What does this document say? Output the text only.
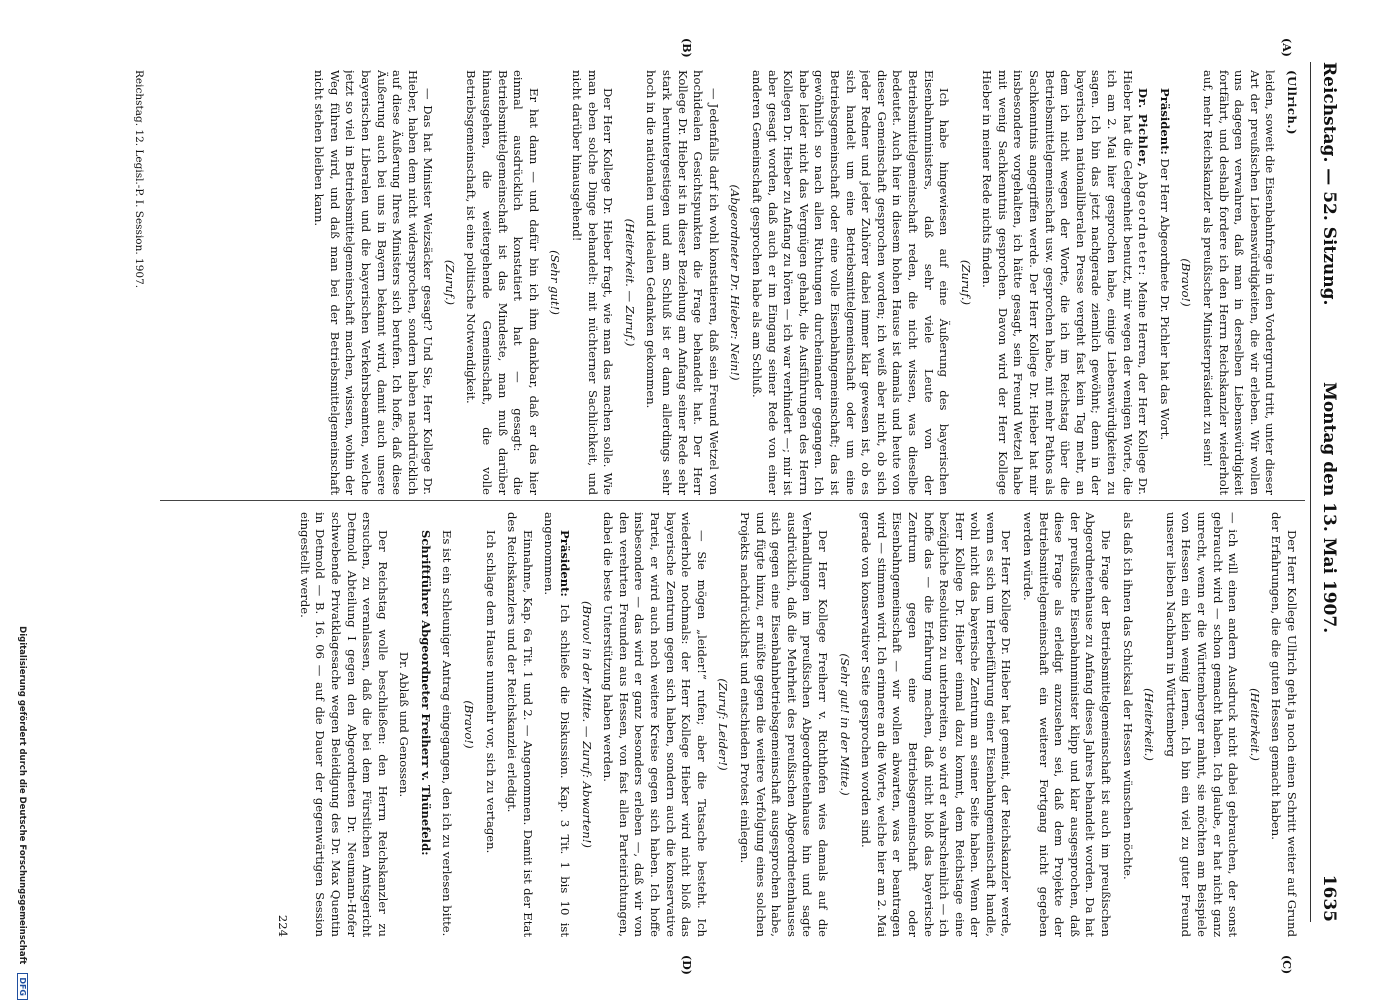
Reichstag. — 52. Sitzung.
Montag den 13. Mai 1907.
1635
(A)
(B)
(C)
(D)

(Ullrich.)

leiden, soweit die Eisenbahnfrage in den Vordergrund tritt, unter dieser Art der preußischen Liebenswürdigkeiten, die wir erleben. Wir wollen uns dagegen verwahren, daß man in derselben Liebenswürdigkeit fortfährt, und deshalb fordere ich den Herrn Reichskanzler wiederholt auf, mehr Reichskanzler als preußischer Ministerpräsident zu sein!

(Bravo!)

Präsident: Der Herr Abgeordnete Dr. Pichler hat das Wort.

Dr. Pichler, Abgeordneter: Meine Herren, der Herr Kollege Dr. Hieber hat die Gelegenheit benutzt, mir wegen der wenigen Worte, die ich am 2. Mai hier gesprochen habe, einige Liebenswürdigkeiten zu sagen. Ich bin das jetzt nachgerade ziemlich gewöhnt; denn in der bayerischen nationalliberalen Presse vergeht fast kein Tag mehr, an dem ich nicht wegen der Worte, die ich im Reichstag über die Betriebsmittelgemeinschaft usw. gesprochen habe, mit mehr Pathos als Sachkenntnis angegriffen werde. Der Herr Kollege Dr. Hieber hat mir insbesondere vorgehalten, ich hätte gesagt, sein Freund Wetzel habe mit wenig Sachkenntnis gesprochen. Davon wird der Herr Kollege Hieber in meiner Rede nichts finden.

(Zuruf.)

Ich habe hingewiesen auf eine Äußerung des bayerischen Eisenbahnministers, daß sehr viele Leute von der Betriebsmittelgemeinschaft reden, die nicht wissen, was dieselbe bedeutet. Auch hier in diesem hohen Hause ist damals und heute von dieser Gemeinschaft gesprochen worden; ich weiß aber nicht, ob sich jeder Redner und jeder Zuhörer dabei immer klar gewesen ist, ob es sich handelt um eine Betriebsmittelgemeinschaft oder um eine Betriebsgemeinschaft oder eine volle Eisenbahngemeinschaft; das ist gewöhnlich so nach allen Richtungen durcheinander gegangen. Ich habe leider nicht das Vergnügen gehabt, die Ausführungen des Herrn Kollegen Dr. Hieber zu Anfang zu hören — ich war verhindert —; mir ist aber gesagt worden, daß auch er im Eingang seiner Rede von einer anderen Gemeinschaft gesprochen habe als am Schluß.

(Abgeordneter Dr. Hieber: Nein!)

— Jedenfalls darf ich wohl konstatieren, daß sein Freund Wetzel von hochidealen Gesichtspunkten die Frage behandelt hat. Der Herr Kollege Dr. Hieber ist in dieser Beziehung am Anfang seiner Rede sehr stark heruntergestiegen und am Schluß ist er dann allerdings sehr hoch in die nationalen und idealen Gedanken gekommen.

(Heiterkeit. — Zuruf.)

Der Herr Kollege Dr. Hieber fragt, wie man das machen solle. Wie man eben solche Dinge behandelt: mit nüchterner Sachlichkeit, und nicht darüber hinausgehend!

(Sehr gut!)

Er hat dann — und dafür bin ich ihm dankbar, daß er das hier einmal ausdrücklich konstatiert hat — gesagt: die Betriebsmittelgemeinschaft ist das Mindeste, man muß darüber hinausgehen, die weitergehende Gemeinschaft, die volle Betriebsgemeinschaft, ist eine politische Notwendigkeit.

(Zuruf.)

— Das hat Minister Weizsäcker gesagt? Und Sie, Herr Kollege Dr. Hieber, haben dem nicht widersprochen, sondern haben nachdrücklich auf diese Äußerung Ihres Ministers sich berufen. Ich hoffe, daß diese Äußerung auch bei uns in Bayern bekannt wird, damit auch unsere bayerischen Liberalen und die bayerischen Verkehrsbeamten, welche jetzt so viel in Betriebsmittelgemeinschaft machen, wissen, wohin der Weg führen wird, und daß man bei der Betriebsmittelgemeinschaft nicht stehen bleiben kann.

Der Herr Kollege Ullrich geht ja noch einen Schritt weiter auf Grund der Erfahrungen, die die guten Hessen gemacht haben.

(Heiterkeit.)

— ich will einen andern Ausdruck nicht dabei gebrauchen, der sonst gebraucht wird — schon gemacht haben. Ich glaube, er hat nicht ganz unrecht, wenn er die Württemberger mahnt, sie möchten am Beispiele von Hessen ein klein wenig lernen. Ich bin ein viel zu guter Freund unserer lieben Nachbarn in Württemberg

(Heiterkeit.)

als daß ich ihnen das Schicksal der Hessen wünschen möchte.

Die Frage der Betriebsmittelgemeinschaft ist auch im preußischen Abgeordnetenhause zu Anfang dieses Jahres behandelt worden. Da hat der preußische Eisenbahnminister klipp und klar ausgesprochen, daß diese Frage als erledigt anzusehen sei, daß dem Projekte der Betriebsmittelgemeinschaft ein weiterer Fortgang nicht gegeben werden würde.

Der Herr Kollege Dr. Hieber hat gemeint, der Reichskanzler werde, wenn es sich um Herbeiführung einer Eisenbahngemeinschaft handle, wohl nicht das bayerische Zentrum an seiner Seite haben. Wenn der Herr Kollege Dr. Hieber einmal dazu kommt, dem Reichstage eine bezügliche Resolution zu unterbreiten, so wird er wahrscheinlich — ich hoffe das — die Erfahrung machen, daß nicht bloß das bayerische Zentrum gegen eine Betriebsgemeinschaft oder Eisenbahngemeinschaft — wir wollen abwarten, was er beantragen wird — stimmen wird. Ich erinnere an die Worte, welche hier am 2. Mai gerade von konservativer Seite gesprochen worden sind.

(Sehr gut! in der Mitte.)

Der Herr Kollege Freiherr v. Richthofen wies damals auf die Verhandlungen im preußischen Abgeordnetenhause hin und sagte ausdrücklich, daß die Mehrheit des preußischen Abgeordnetenhauses sich gegen eine Eisenbahnbetriebsgemeinschaft ausgesprochen habe, und fügte hinzu, er müßte gegen die weitere Verfolgung eines solchen Projekts nachdrücklichst und entschieden Protest einlegen.

(Zuruf: Leider!)

— Sie mögen „leider!“ rufen; aber die Tatsache besteht. Ich wiederhole nochmals: der Herr Kollege Hieber wird nicht bloß das bayerische Zentrum gegen sich haben, sondern auch die konservative Partei, er wird auch noch weitere Kreise gegen sich haben. Ich hoffe insbesondere — das wird er ganz besonders erleben —, daß wir von den verehrten Freunden aus Hessen, von fast allen Parteirichtungen, dabei die beste Unterstützung haben werden.

(Bravo! in der Mitte. — Zuruf: Abwarten!)

Präsident: Ich schließe die Diskussion. Kap. 3 Tit. 1 bis 10 ist angenommen.

Einnahme, Kap. 6a Tit. 1 und 2. — Angenommen. Damit ist der Etat des Reichskanzlers und der Reichskanzlei erledigt.

Ich schlage dem Hause nunmehr vor, sich zu vertagen.

(Bravo!)

Es ist ein schleuniger Antrag eingegangen, den ich zu verlesen bitte.

Schriftführer Abgeordneter Freiherr v. Thünefeld:

Dr. Ablaß und Genossen.

Der Reichstag wolle beschließen: den Herrn Reichskanzler zu ersuchen, zu veranlassen, daß die bei dem Fürstlichen Amtsgericht Detmold Abteilung I gegen den Abgeordneten Dr. Neumann-Hofer schwebende Privatklagesache wegen Beleidigung des Dr. Max Quentin in Detmold — B. 16. 06 — auf die Dauer der gegenwärtigen Session eingestellt werde.

224
Reichstag. 12. Legisl.-P. I. Session. 1907.
Digitalisierung gefördert durch die Deutsche Forschungsgemeinschaft DFG
